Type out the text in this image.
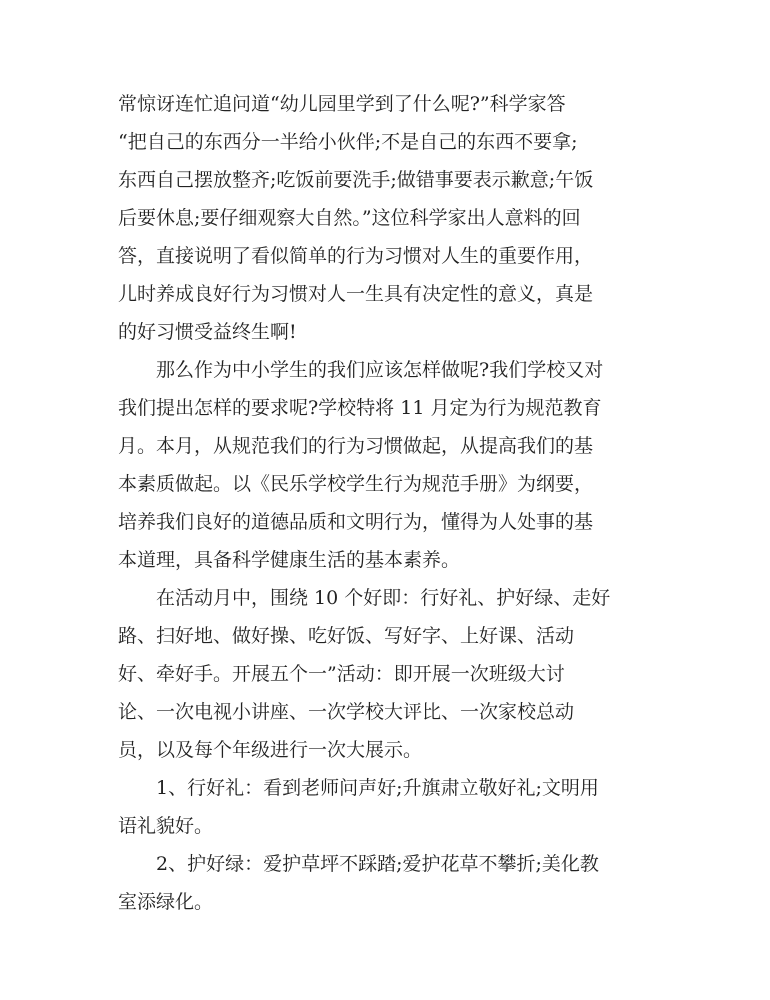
常惊讶连忙追问道“幼儿园里学到了什么呢?”科学家答
“把自己的东西分一半给小伙伴;不是自己的东西不要拿;
东西自己摆放整齐;吃饭前要洗手;做错事要表示歉意;午饭
后要休息;要仔细观察大自然。”这位科学家出人意料的回
答，直接说明了看似简单的行为习惯对人生的重要作用，
儿时养成良好行为习惯对人一生具有决定性的意义，真是
的好习惯受益终生啊!
　　那么作为中小学生的我们应该怎样做呢?我们学校又对
我们提出怎样的要求呢?学校特将 11 月定为行为规范教育
月。本月，从规范我们的行为习惯做起，从提高我们的基
本素质做起。以《民乐学校学生行为规范手册》为纲要，
培养我们良好的道德品质和文明行为，懂得为人处事的基
本道理，具备科学健康生活的基本素养。
　　在活动月中，围绕 10 个好即：行好礼、护好绿、走好
路、扫好地、做好操、吃好饭、写好字、上好课、活动
好、牵好手。开展五个一”活动：即开展一次班级大讨
论、一次电视小讲座、一次学校大评比、一次家校总动
员，以及每个年级进行一次大展示。
　　1、行好礼：看到老师问声好;升旗肃立敬好礼;文明用
语礼貌好。
　　2、护好绿：爱护草坪不踩踏;爱护花草不攀折;美化教
室添绿化。
